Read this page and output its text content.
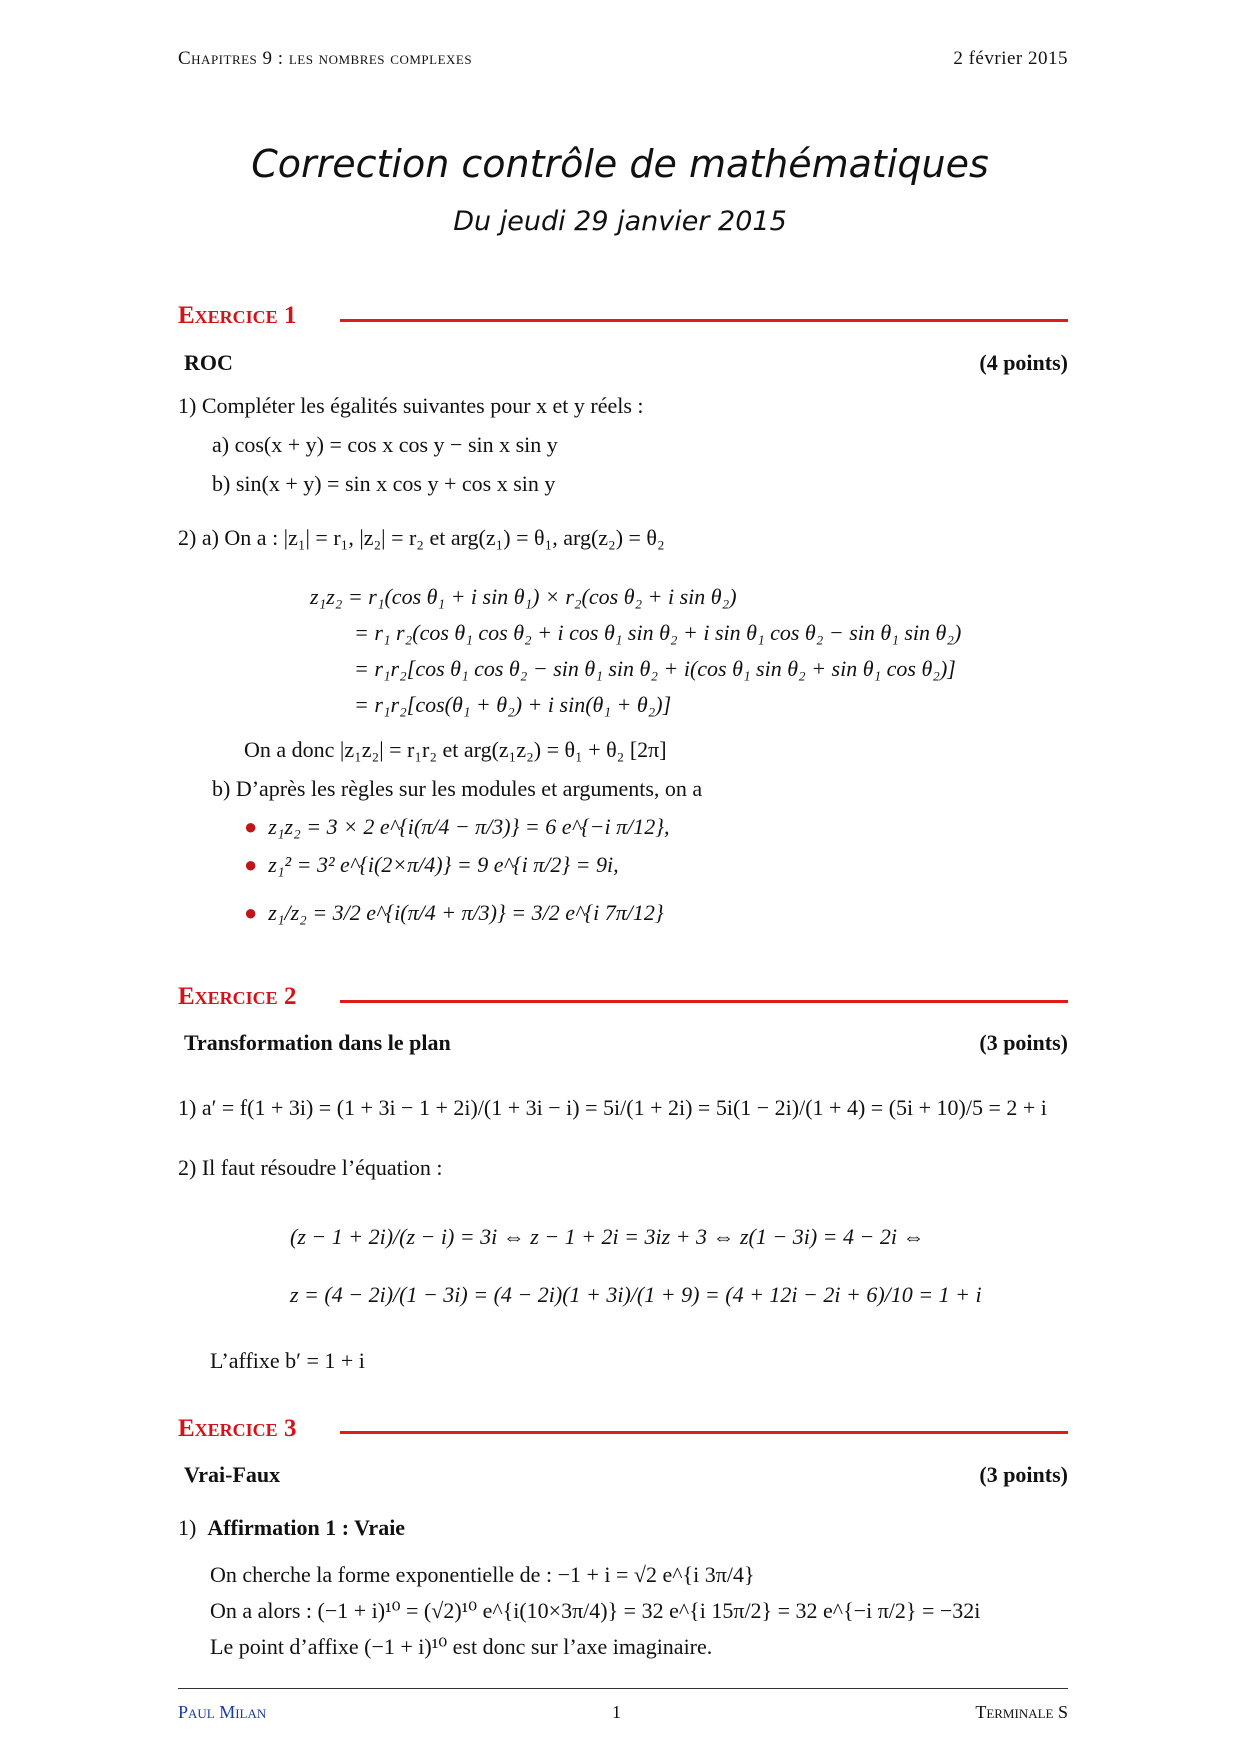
Chapitres 9 : les nombres complexes	2 février 2015
Correction contrôle de mathématiques
Du jeudi 29 janvier 2015
Exercice 1
ROC	(4 points)
1) Compléter les égalités suivantes pour x et y réels :
a) cos(x + y) = cos x cos y − sin x sin y
b) sin(x + y) = sin x cos y + cos x sin y
2) a) On a : |z₁| = r₁, |z₂| = r₂ et arg(z₁) = θ₁, arg(z₂) = θ₂
z₁z₂ = r₁(cos θ₁ + i sin θ₁) × r₂(cos θ₂ + i sin θ₂)
= r₁ r₂(cos θ₁ cos θ₂ + i cos θ₁ sin θ₂ + i sin θ₁ cos θ₂ − sin θ₁ sin θ₂)
= r₁r₂[cos θ₁ cos θ₂ − sin θ₁ sin θ₂ + i(cos θ₁ sin θ₂ + sin θ₁ cos θ₂)]
= r₁r₂[cos(θ₁ + θ₂) + i sin(θ₁ + θ₂)]
On a donc |z₁z₂| = r₁r₂ et arg(z₁z₂) = θ₁ + θ₂ [2π]
b) D’après les règles sur les modules et arguments, on a
● z₁z₂ = 3 × 2 e^{i(π/4 − π/3)} = 6 e^{−i π/12},
● z₁² = 3² e^{i(2×π/4)} = 9 e^{i π/2} = 9i,
● z₁/z₂ = 3/2 e^{i(π/4 + π/3)} = 3/2 e^{i 7π/12}
Exercice 2
Transformation dans le plan	(3 points)
1) a′ = f(1 + 3i) = (1 + 3i − 1 + 2i)/(1 + 3i − i) = 5i/(1 + 2i) = 5i(1 − 2i)/(1 + 4) = (5i + 10)/5 = 2 + i
2) Il faut résoudre l’équation :
(z − 1 + 2i)/(z − i) = 3i ⇔ z − 1 + 2i = 3iz + 3 ⇔ z(1 − 3i) = 4 − 2i ⇔
z = (4 − 2i)/(1 − 3i) = (4 − 2i)(1 + 3i)/(1 + 9) = (4 + 12i − 2i + 6)/10 = 1 + i
L’affixe b′ = 1 + i
Exercice 3
Vrai-Faux	(3 points)
1)  Affirmation 1 : Vraie
On cherche la forme exponentielle de : −1 + i = √2 e^{i 3π/4}
On a alors : (−1 + i)¹⁰ = (√2)¹⁰ e^{i(10×3π/4)} = 32 e^{i 15π/2} = 32 e^{−i π/2} = −32i
Le point d’affixe (−1 + i)¹⁰ est donc sur l’axe imaginaire.
Paul Milan	1	Terminale S
